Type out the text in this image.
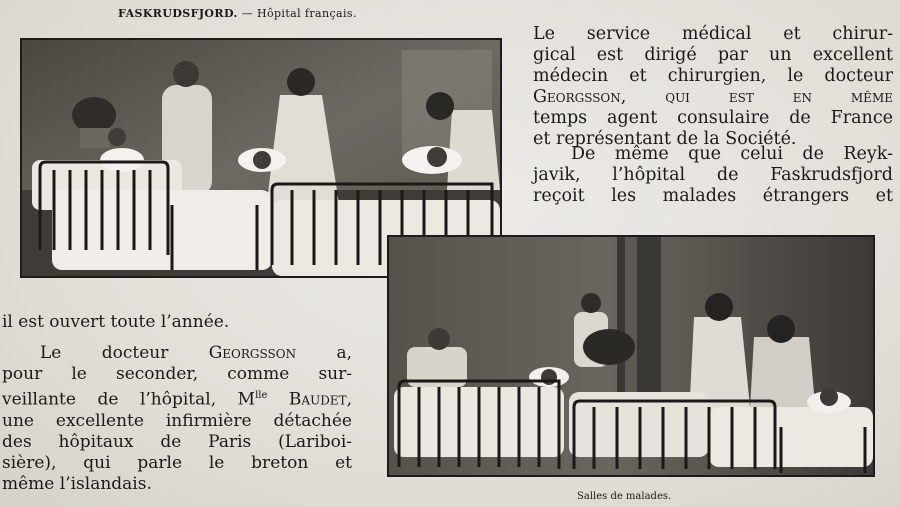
FASKRUDSFJORD. — Hôpital français.
Le service médical et chirur-
gical est dirigé par un excellent
médecin et chirurgien, le docteur
Georgsson, qui est en même
temps agent consulaire de France
et représentant de la Société.
De même que celui de Reyk-
javik, l’hôpital de Faskrudsfjord
reçoit les malades étrangers et
il est ouvert toute l’année.
Le docteur Georgsson a,
pour le seconder, comme sur-
veillante de l’hôpital, $M^{lle}$ Baudet,
une excellente infirmière détachée
des hôpitaux de Paris (Lariboi-
sière), qui parle le breton et
même l’islandais.
Salles de malades.
